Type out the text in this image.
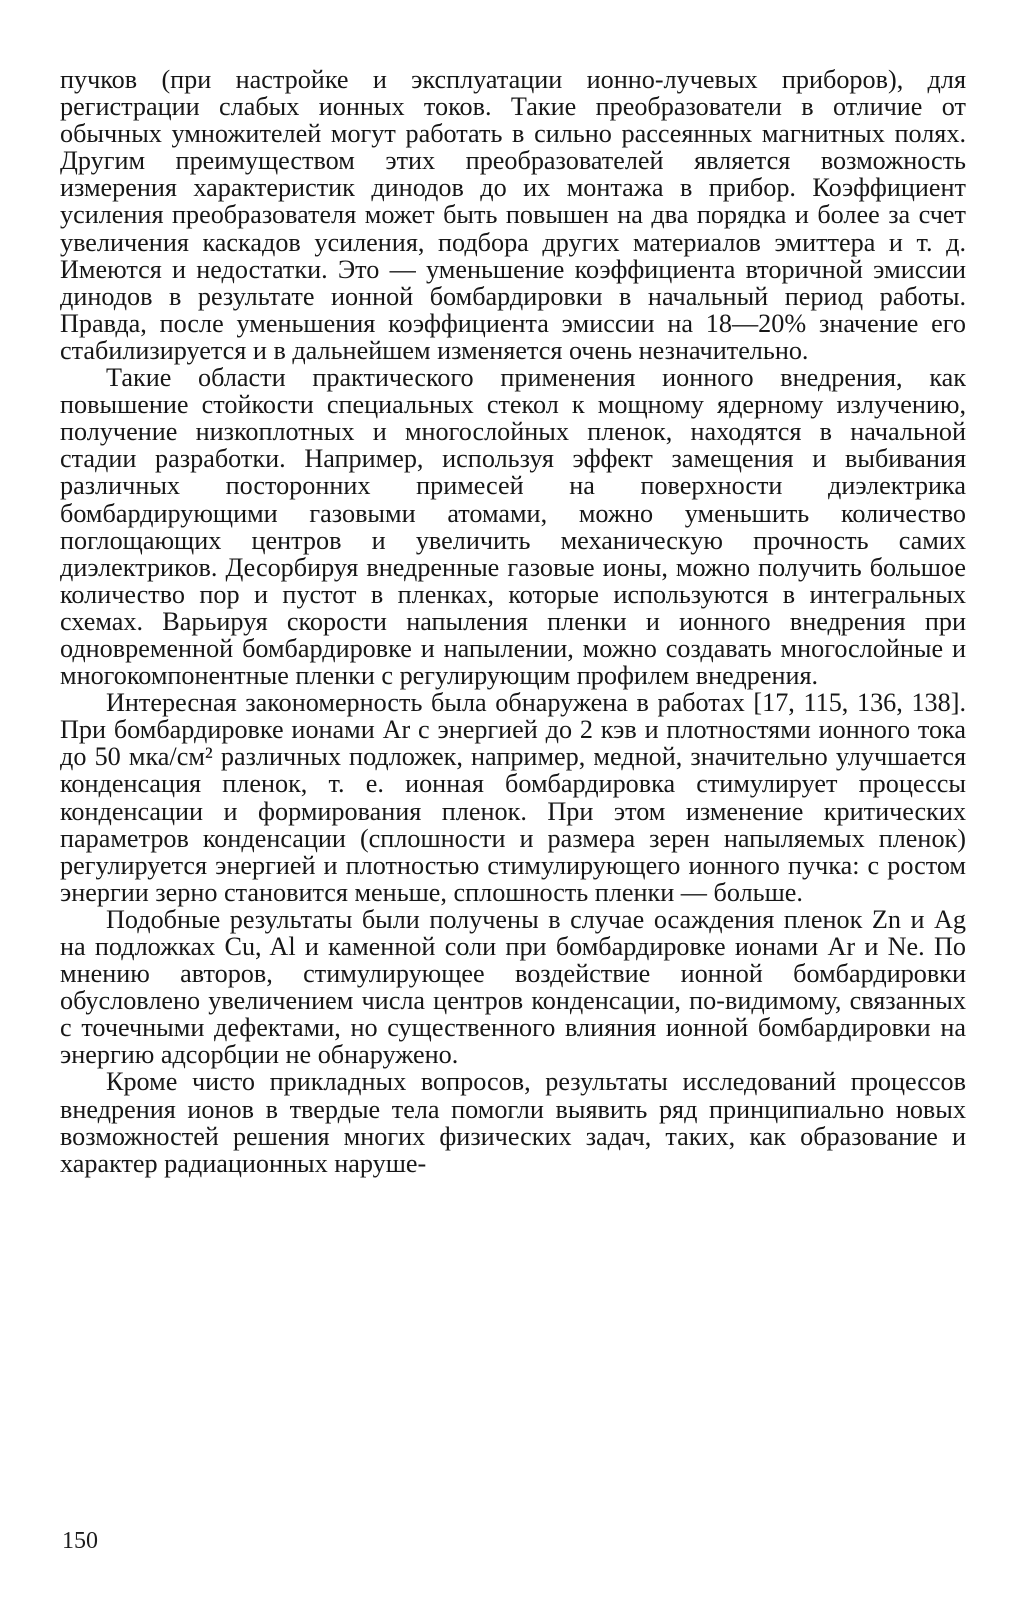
пучков (при настройке и эксплуатации ионно-лучевых приборов), для регистрации слабых ионных токов. Такие преобразователи в отличие от обычных умножителей могут работать в сильно рассеянных магнитных полях. Другим преимуществом этих преобразователей является возможность измерения характеристик динодов до их монтажа в прибор. Коэффициент усиления преобразователя может быть повышен на два порядка и более за счет увеличения каскадов усиления, подбора других материалов эмиттера и т. д. Имеются и недостатки. Это — уменьшение коэффициента вторичной эмиссии динодов в результате ионной бомбардировки в начальный период работы. Правда, после уменьшения коэффициента эмиссии на 18—20% значение его стабилизируется и в дальнейшем изменяется очень незначительно.

Такие области практического применения ионного внедрения, как повышение стойкости специальных стекол к мощному ядерному излучению, получение низкоплотных и многослойных пленок, находятся в начальной стадии разработки. Например, используя эффект замещения и выбивания различных посторонних примесей на поверхности диэлектрика бомбардирующими газовыми атомами, можно уменьшить количество поглощающих центров и увеличить механическую прочность самих диэлектриков. Десорбируя внедренные газовые ионы, можно получить большое количество пор и пустот в пленках, которые используются в интегральных схемах. Варьируя скорости напыления пленки и ионного внедрения при одновременной бомбардировке и напылении, можно создавать многослойные и многокомпонентные пленки с регулирующим профилем внедрения.

Интересная закономерность была обнаружена в работах [17, 115, 136, 138]. При бомбардировке ионами Ar с энергией до 2 кэв и плотностями ионного тока до 50 мка/см² различных подложек, например, медной, значительно улучшается конденсация пленок, т. е. ионная бомбардировка стимулирует процессы конденсации и формирования пленок. При этом изменение критических параметров конденсации (сплошности и размера зерен напыляемых пленок) регулируется энергией и плотностью стимулирующего ионного пучка: с ростом энергии зерно становится меньше, сплошность пленки — больше.

Подобные результаты были получены в случае осаждения пленок Zn и Ag на подложках Cu, Al и каменной соли при бомбардировке ионами Ar и Ne. По мнению авторов, стимулирующее воздействие ионной бомбардировки обусловлено увеличением числа центров конденсации, по-видимому, связанных с точечными дефектами, но существенного влияния ионной бомбардировки на энергию адсорбции не обнаружено.

Кроме чисто прикладных вопросов, результаты исследований процессов внедрения ионов в твердые тела помогли выявить ряд принципиально новых возможностей решения многих физических задач, таких, как образование и характер радиационных наруше-

150
